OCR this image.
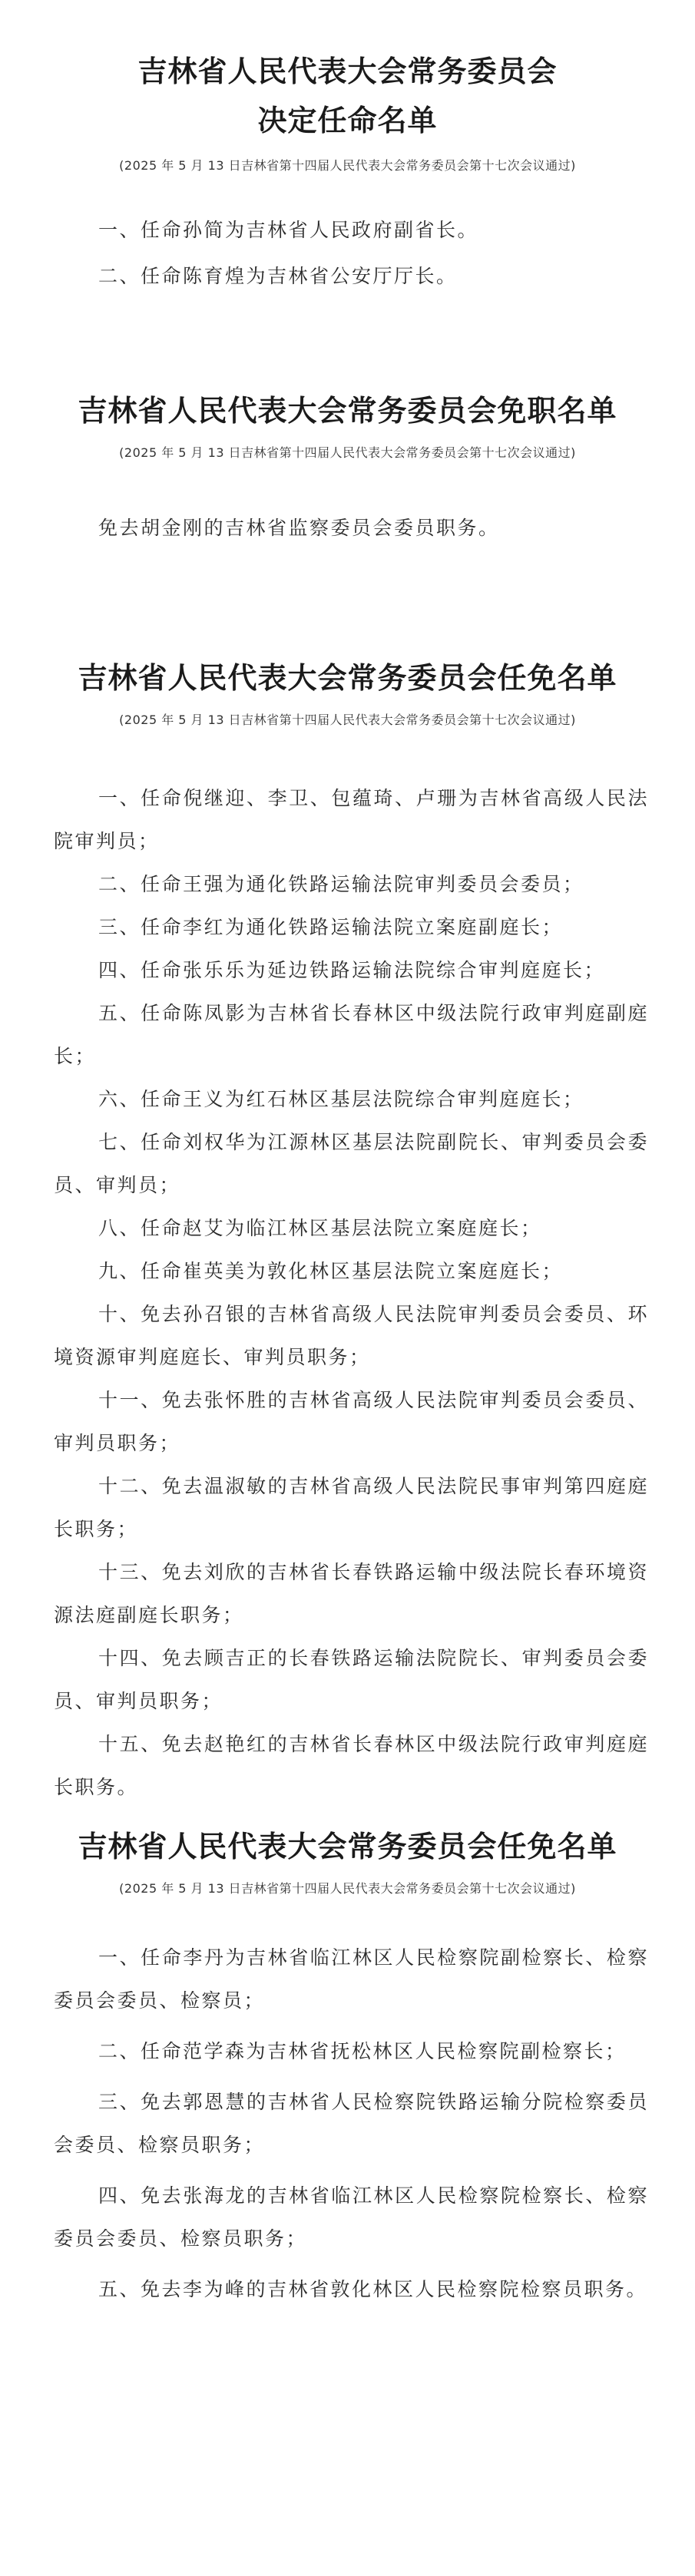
吉林省人民代表大会常务委员会
决定任命名单

(2025 年 5 月 13 日吉林省第十四届人民代表大会常务委员会第十七次会议通过)

一、任命孙简为吉林省人民政府副省长。
二、任命陈育煌为吉林省公安厅厅长。
吉林省人民代表大会常务委员会免职名单

(2025 年 5 月 13 日吉林省第十四届人民代表大会常务委员会第十七次会议通过)

免去胡金刚的吉林省监察委员会委员职务。
吉林省人民代表大会常务委员会任免名单

(2025 年 5 月 13 日吉林省第十四届人民代表大会常务委员会第十七次会议通过)

一、任命倪继迎、李卫、包蕴琦、卢珊为吉林省高级人民法院审判员；
二、任命王强为通化铁路运输法院审判委员会委员；
三、任命李红为通化铁路运输法院立案庭副庭长；
四、任命张乐乐为延边铁路运输法院综合审判庭庭长；
五、任命陈凤影为吉林省长春林区中级法院行政审判庭副庭长；
六、任命王义为红石林区基层法院综合审判庭庭长；
七、任命刘权华为江源林区基层法院副院长、审判委员会委员、审判员；
八、任命赵艾为临江林区基层法院立案庭庭长；
九、任命崔英美为敦化林区基层法院立案庭庭长；
十、免去孙召银的吉林省高级人民法院审判委员会委员、环境资源审判庭庭长、审判员职务；
十一、免去张怀胜的吉林省高级人民法院审判委员会委员、审判员职务；
十二、免去温淑敏的吉林省高级人民法院民事审判第四庭庭长职务；
十三、免去刘欣的吉林省长春铁路运输中级法院长春环境资源法庭副庭长职务；
十四、免去顾吉正的长春铁路运输法院院长、审判委员会委员、审判员职务；
十五、免去赵艳红的吉林省长春林区中级法院行政审判庭庭长职务。
吉林省人民代表大会常务委员会任免名单

(2025 年 5 月 13 日吉林省第十四届人民代表大会常务委员会第十七次会议通过)

一、任命李丹为吉林省临江林区人民检察院副检察长、检察委员会委员、检察员；
二、任命范学森为吉林省抚松林区人民检察院副检察长；
三、免去郭恩慧的吉林省人民检察院铁路运输分院检察委员会委员、检察员职务；
四、免去张海龙的吉林省临江林区人民检察院检察长、检察委员会委员、检察员职务；
五、免去李为峰的吉林省敦化林区人民检察院检察员职务。
